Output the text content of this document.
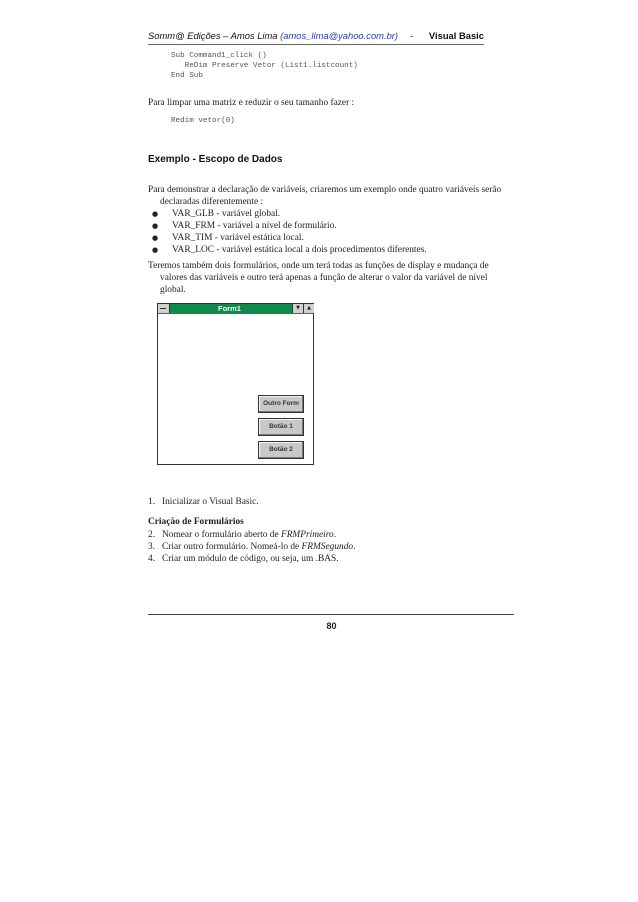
Somm@ Edições – Amos Lima (amos_lima@yahoo.com.br) - Visual Basic
Sub Command1_click ()
ReDim Preserve Vetor (List1.listcount)
End Sub
Para limpar uma matriz e reduzir o seu tamanho fazer :
Redim vetor(0)
Exemplo - Escopo de Dados
Para demonstrar a declaração de variáveis, criaremos um exemplo onde quatro variáveis serão
declaradas diferentemente :
● VAR_GLB - variável global.
● VAR_FRM - variável a nível de formulário.
● VAR_TIM - variável estática local.
● VAR_LOC - variável estática local a dois procedimentos diferentes.
Teremos também dois formulários, onde um terá todas as funções de display e mudança de
valores das variáveis e outro terá apenas a função de alterar o valor da variável de nível
global.
Form1	▼	▲
Outro Form
Botão 1
Botão 2
1. Inicializar o Visual Basic.
Criação de Formulários
2. Nomear o formulário aberto de FRMPrimeiro.
3. Criar outro formulário. Nomeá-lo de FRMSegundo.
4. Criar um módulo de código, ou seja, um .BAS.
80
